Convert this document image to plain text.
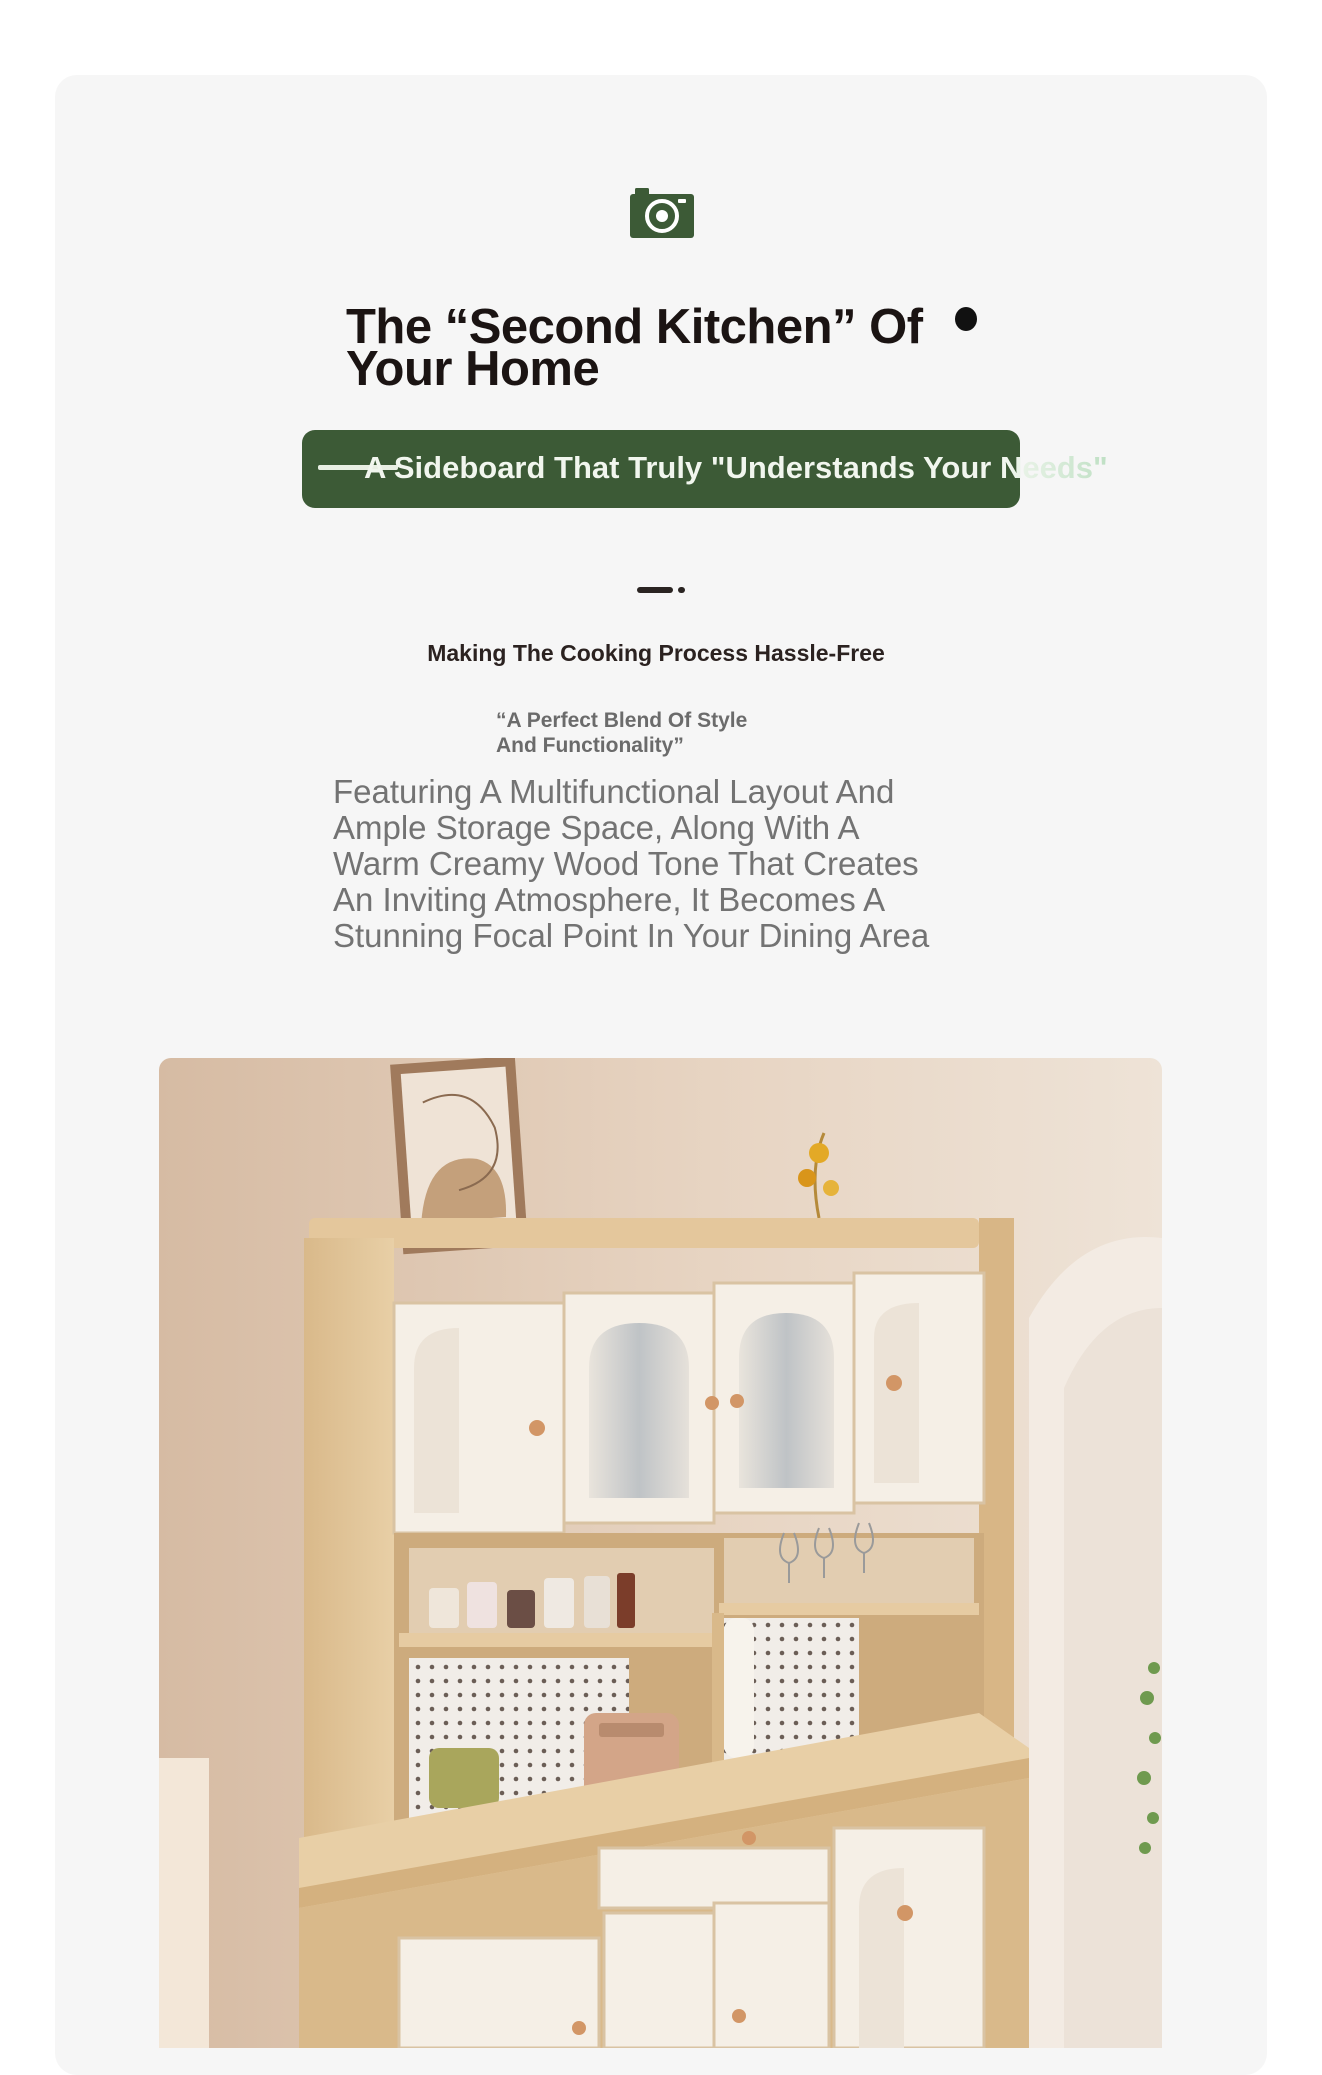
The “Second Kitchen” Of
Your Home
A Sideboard That Truly "Understands Your Needs"
Making The Cooking Process Hassle-Free
“A Perfect Blend Of Style
And Functionality”
Featuring A Multifunctional Layout And
Ample Storage Space, Along With A
Warm Creamy Wood Tone That Creates
An Inviting Atmosphere, It Becomes A
Stunning Focal Point In Your Dining Area
